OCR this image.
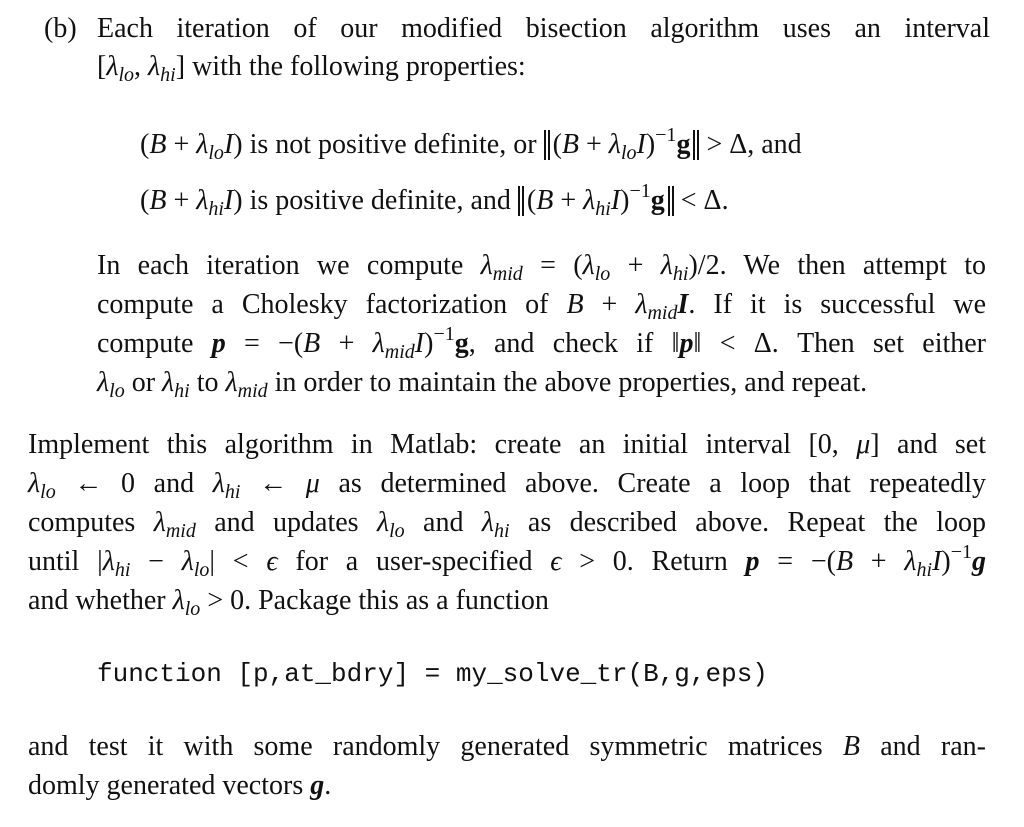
(b) Each iteration of our modified bisection algorithm uses an interval
[$\lambda_{lo}$, $\lambda_{hi}$] with the following properties:
$(B + \lambda_{lo}I)$ is not positive definite, or $(B + \lambda_{lo}I)^{-1}g > \Delta$, and
$(B + \lambda_{hi}I)$ is positive definite, and $(B + \lambda_{hi}I)^{-1}g < \Delta$.
In each iteration we compute $\lambda_{mid} = (\lambda_{lo} + \lambda_{hi})/2$. We then attempt to
compute a Cholesky factorization of $B + \lambda_{mid}I$. If it is successful we
compute $p = -(B + \lambda_{mid}I)^{-1}g$, and check if ‖p‖ < Δ. Then set either
$\lambda_{lo}$ or $\lambda_{hi}$ to $\lambda_{mid}$ in order to maintain the above properties, and repeat.
Implement this algorithm in Matlab: create an initial interval [0, μ] and set
$\lambda_{lo}$ ← 0 and $\lambda_{hi}$ ← μ as determined above. Create a loop that repeatedly
computes $\lambda_{mid}$ and updates $\lambda_{lo}$ and $\lambda_{hi}$ as described above. Repeat the loop
until $|\lambda_{hi} - \lambda_{lo}| < \epsilon$ for a user-specified ϵ > 0. Return $p = -(B + \lambda_{hi}I)^{-1}g$
and whether $\lambda_{lo} > 0$. Package this as a function
function [p,at_bdry] = my_solve_tr(B,g,eps)
and test it with some randomly generated symmetric matrices B and ran-
domly generated vectors g.
